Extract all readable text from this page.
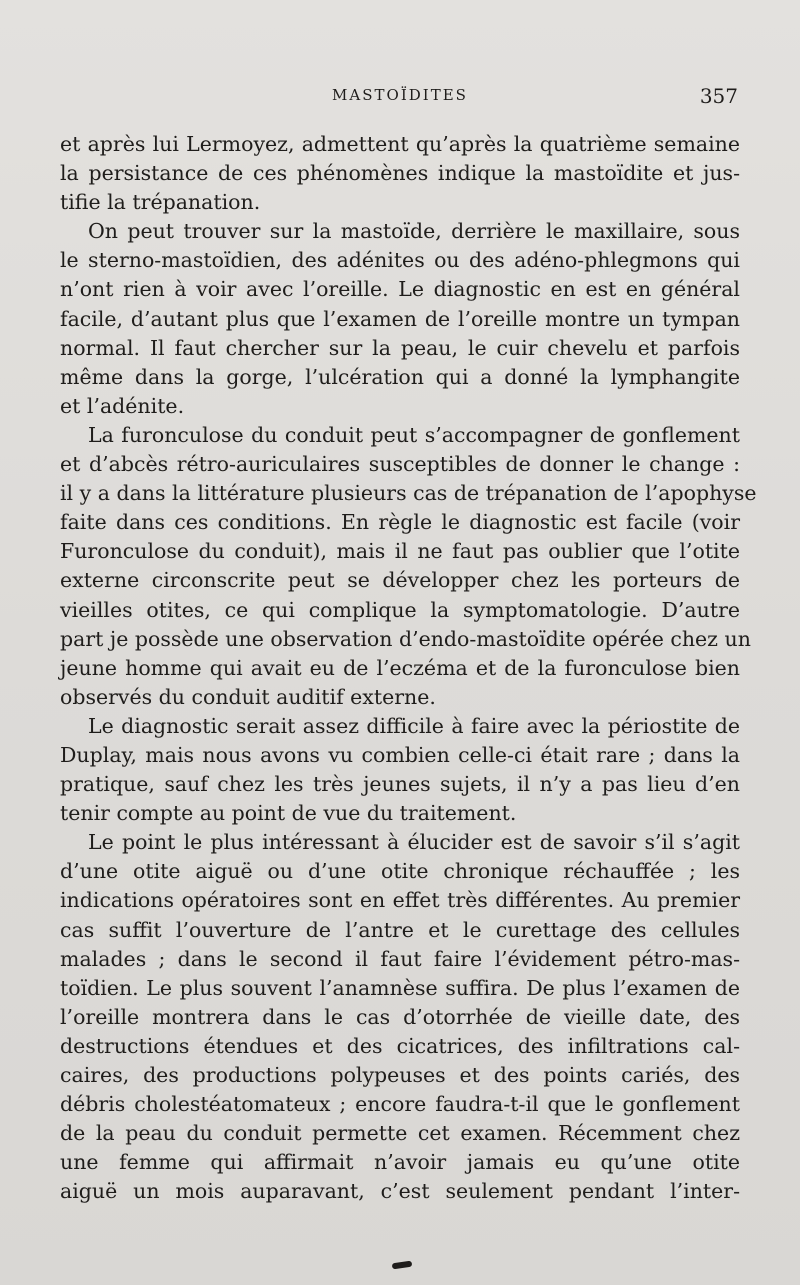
MASTOÏDITES	357
et après lui Lermoyez, admettent qu’après la quatrième semaine
la persistance de ces phénomènes indique la mastoïdite et jus-
tifie la trépanation.
On peut trouver sur la mastoïde, derrière le maxillaire, sous
le sterno-mastoïdien, des adénites ou des adéno-phlegmons qui
n’ont rien à voir avec l’oreille. Le diagnostic en est en général
facile, d’autant plus que l’examen de l’oreille montre un tympan
normal. Il faut chercher sur la peau, le cuir chevelu et parfois
même dans la gorge, l’ulcération qui a donné la lymphangite
et l’adénite.
La furonculose du conduit peut s’accompagner de gonflement
et d’abcès rétro-auriculaires susceptibles de donner le change :
il y a dans la littérature plusieurs cas de trépanation de l’apophyse
faite dans ces conditions. En règle le diagnostic est facile (voir
Furonculose du conduit), mais il ne faut pas oublier que l’otite
externe circonscrite peut se développer chez les porteurs de
vieilles otites, ce qui complique la symptomatologie. D’autre
part je possède une observation d’endo-mastoïdite opérée chez un
jeune homme qui avait eu de l’eczéma et de la furonculose bien
observés du conduit auditif externe.
Le diagnostic serait assez difficile à faire avec la périostite de
Duplay, mais nous avons vu combien celle-ci était rare ; dans la
pratique, sauf chez les très jeunes sujets, il n’y a pas lieu d’en
tenir compte au point de vue du traitement.
Le point le plus intéressant à élucider est de savoir s’il s’agit
d’une otite aiguë ou d’une otite chronique réchauffée ; les
indications opératoires sont en effet très différentes. Au premier
cas suffit l’ouverture de l’antre et le curettage des cellules
malades ; dans le second il faut faire l’évidement pétro-mas-
toïdien. Le plus souvent l’anamnèse suffira. De plus l’examen de
l’oreille montrera dans le cas d’otorrhée de vieille date, des
destructions étendues et des cicatrices, des infiltrations cal-
caires, des productions polypeuses et des points cariés, des
débris cholestéatomateux ; encore faudra-t-il que le gonflement
de la peau du conduit permette cet examen. Récemment chez
une femme qui affirmait n’avoir jamais eu qu’une otite
aiguë un mois auparavant, c’est seulement pendant l’inter-
